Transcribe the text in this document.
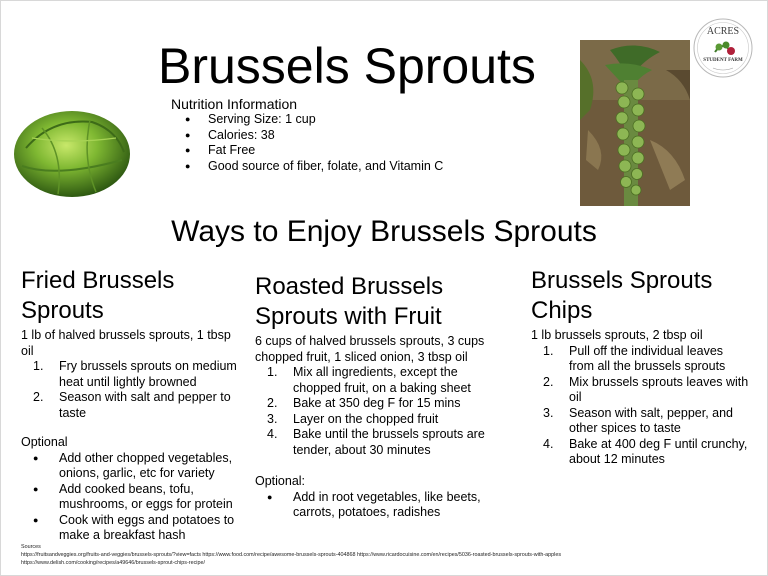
Brussels Sprouts
Nutrition Information
● Serving Size: 1 cup
● Calories: 38
● Fat Free
● Good source of fiber, folate, and Vitamin C
ACRES
STUDENT FARM
Ways to Enjoy Brussels Sprouts
Fried Brussels Sprouts

1 lb of halved brussels sprouts, 1 tbsp oil

1. Fry brussels sprouts on medium heat until lightly browned
2. Season with salt and pepper to taste

Optional

● Add other chopped vegetables, onions, garlic, etc for variety
● Add cooked beans, tofu, mushrooms, or eggs for protein
● Cook with eggs and potatoes to make a breakfast hash
Roasted Brussels Sprouts with Fruit

6 cups of halved brussels sprouts, 3 cups chopped fruit, 1 sliced onion, 3 tbsp oil

1. Mix all ingredients, except the chopped fruit, on a baking sheet
2. Bake at 350 deg F for 15 mins
3. Layer on the chopped fruit
4. Bake until the brussels sprouts are tender, about 30 minutes

Optional:

● Add in root vegetables, like beets, carrots, potatoes, radishes
Brussels Sprouts Chips

1 lb brussels sprouts, 2 tbsp oil

1. Pull off the individual leaves from all the brussels sprouts
2. Mix brussels sprouts leaves with oil
3. Season with salt, pepper, and other spices to taste
4. Bake at 400 deg F until crunchy, about 12 minutes
Sources
https://fruitsandveggies.org/fruits-and-veggies/brussels-sprouts/?view=facts https://www.food.com/recipe/awesome-brussels-sprouts-404868 https://www.ricardocuisine.com/en/recipes/5036-roasted-brussels-sprouts-with-apples
https://www.delish.com/cooking/recipes/a49646/brussels-sprout-chips-recipe/
